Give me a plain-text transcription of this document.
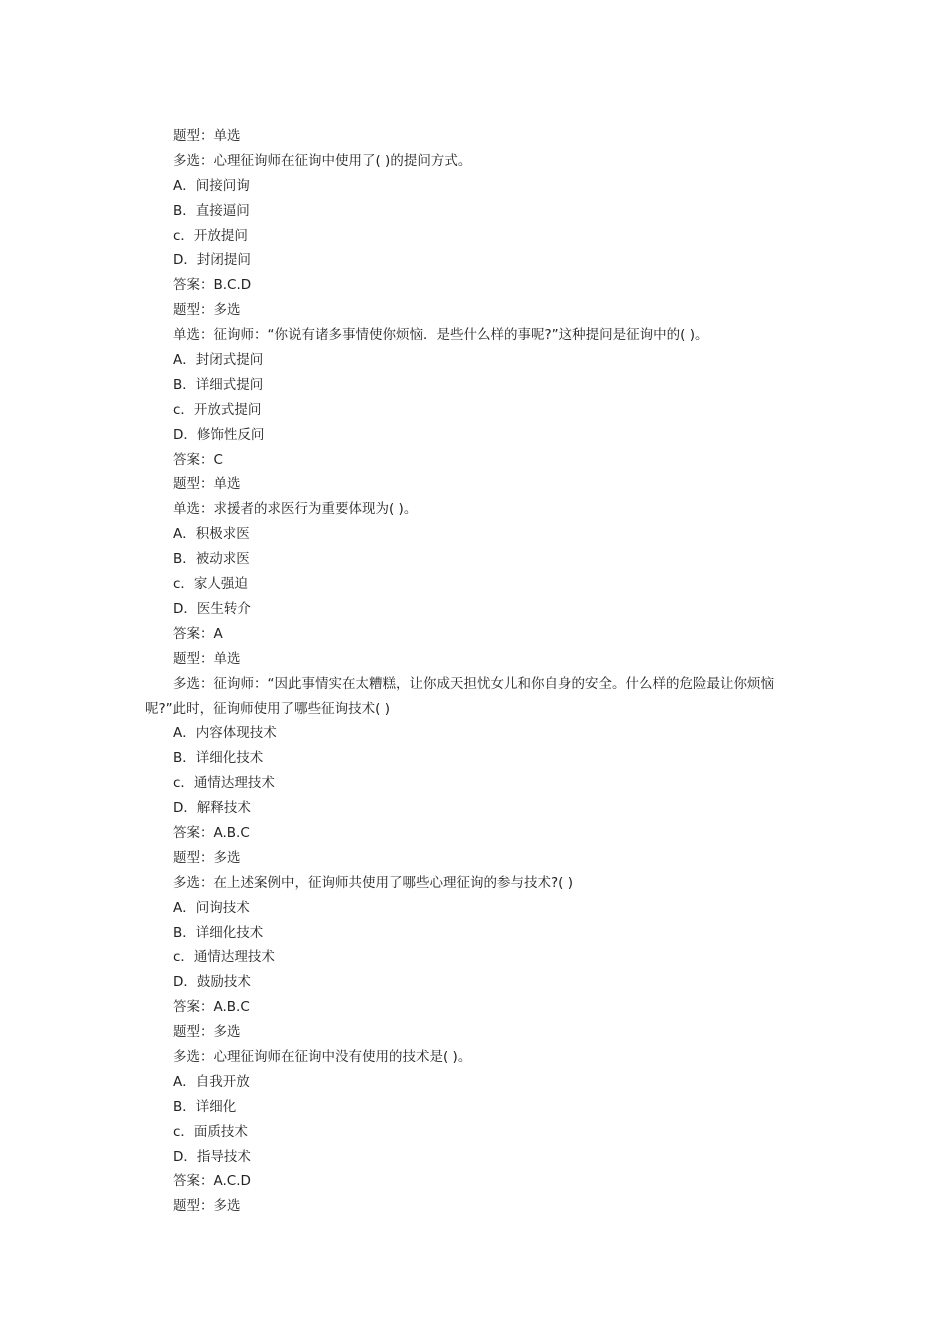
题型：单选
多选：心理征询师在征询中使用了( )的提问方式。
A．间接问询
B．直接逼问
c．开放提问
D．封闭提问
答案：B.C.D
题型：多选
单选：征询师：“你说有诸多事情使你烦恼．是些什么样的事呢?”这种提问是征询中的( )。
A．封闭式提问
B．详细式提问
c．开放式提问
D．修饰性反问
答案：C
题型：单选
单选：求援者的求医行为重要体现为( )。
A．积极求医
B．被动求医
c．家人强迫
D．医生转介
答案：A
题型：单选
多选：征询师：“因此事情实在太糟糕，让你成天担忧女儿和你自身的安全。什么样的危险最让你烦恼呢?”此时，征询师使用了哪些征询技术( )
A．内容体现技术
B．详细化技术
c．通情达理技术
D．解释技术
答案：A.B.C
题型：多选
多选：在上述案例中，征询师共使用了哪些心理征询的参与技术?( )
A．问询技术
B．详细化技术
c．通情达理技术
D．鼓励技术
答案：A.B.C
题型：多选
多选：心理征询师在征询中没有使用的技术是( )。
A．自我开放
B．详细化
c．面质技术
D．指导技术
答案：A.C.D
题型：多选
